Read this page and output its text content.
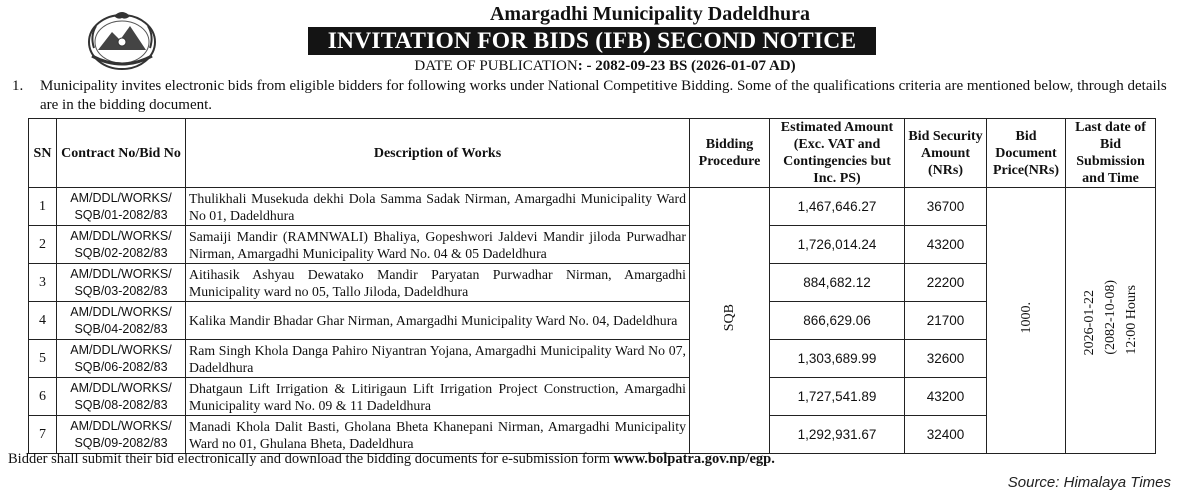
Amargadhi Municipality Dadeldhura
INVITATION FOR BIDS (IFB) SECOND NOTICE
DATE OF PUBLICATION: - 2082-09-23 BS (2026-01-07 AD)
1. Municipality invites electronic bids from eligible bidders for following works under National Competitive Bidding. Some of the qualifications criteria are mentioned below, through details are in the bidding document.
SN	Contract No/Bid No	Description of Works	Bidding Procedure	Estimated Amount (Exc. VAT and Contingencies but Inc. PS)	Bid Security Amount (NRs)	Bid Document Price(NRs)	Last date of Bid Submission and Time
1	AM/DDL/WORKS/
SQB/01-2082/83	Thulikhali Musekuda dekhi Dola Samma Sadak Nirman, Amargadhi Municipality Ward No 01, Dadeldhura	SQB	1,467,646.27	36700	1000.	2026-01-22 (2082-10-08) 12:00 Hours
2	AM/DDL/WORKS/
SQB/02-2082/83	Samaiji Mandir (RAMNWALI) Bhaliya, Gopeshwori Jaldevi Mandir jiloda Purwadhar Nirman, Amargadhi Municipality Ward No. 04 & 05 Dadeldhura		1,726,014.24	43200		
3	AM/DDL/WORKS/
SQB/03-2082/83	Aitihasik Ashyau Dewatako Mandir Paryatan Purwadhar Nirman, Amargadhi Municipality ward no 05, Tallo Jiloda, Dadeldhura		884,682.12	22200		
4	AM/DDL/WORKS/
SQB/04-2082/83	Kalika Mandir Bhadar Ghar Nirman, Amargadhi Municipality Ward No. 04, Dadeldhura		866,629.06	21700		
5	AM/DDL/WORKS/
SQB/06-2082/83	Ram Singh Khola Danga Pahiro Niyantran Yojana, Amargadhi Municipality Ward No 07, Dadeldhura		1,303,689.99	32600		
6	AM/DDL/WORKS/
SQB/08-2082/83	Dhatgaun Lift Irrigation & Litirigaun Lift Irrigation Project Construction, Amargadhi Municipality ward No. 09 & 11 Dadeldhura		1,727,541.89	43200		
7	AM/DDL/WORKS/
SQB/09-2082/83	Manadi Khola Dalit Basti, Gholana Bheta Khanepani Nirman, Amargadhi Municipality Ward no 01, Ghulana Bheta, Dadeldhura		1,292,931.67	32400		
Bidder shall submit their bid electronically and download the bidding documents for e-submission form www.bolpatra.gov.np/egp.
Source: Himalaya Times
